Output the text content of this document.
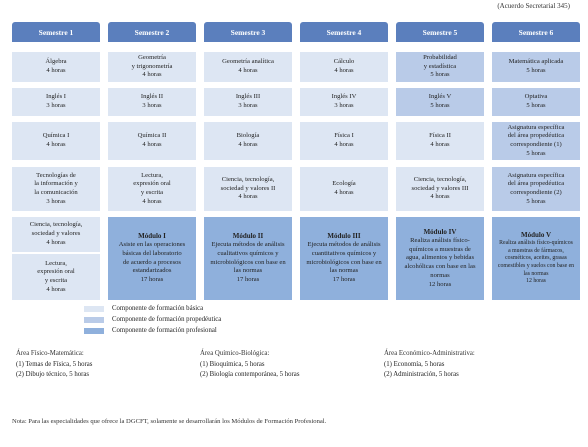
(Acuerdo Secretarial 345)
Semestre 1
Álgebra
4 horas
Inglés I
3 horas
Química I
4 horas
Tecnologías de
la información y
la comunicación
3 horas
Ciencia, tecnología,
sociedad y valores
4 horas
Lectura,
expresión oral
y escrita
4 horas
Semestre 2
Geometría
y trigonometría
4 horas
Inglés II
3 horas
Química II
4 horas
Lectura,
expresión oral
y escrita
4 horas
Módulo I
Asiste en las operaciones
básicas del laboratorio
de acuerdo a procesos
estandarizados
17 horas
Semestre 3
Geometría analítica
4 horas
Inglés III
3 horas
Biología
4 horas
Ciencia, tecnología,
sociedad y valores II
4 horas
Módulo II
Ejecuta métodos de análisis
cualitativos químicos y
microbiológicos con base en
las normas
17 horas
Semestre 4
Cálculo
4 horas
Inglés IV
3 horas
Física I
4 horas
Ecología
4 horas
Módulo III
Ejecuta métodos de análisis
cuantitativos químicos y
microbiológicos con base en
las normas
17 horas
Semestre 5
Probabilidad
y estadística
5 horas
Inglés V
5 horas
Física II
4 horas
Ciencia, tecnología,
sociedad y valores III
4 horas
Módulo IV
Realiza análisis físico-
químicos a muestras de
agua, alimentos y bebidas
alcohólicas con base en las
normas
12 horas
Semestre 6
Matemática aplicada
5 horas
Optativa
5 horas
Asignatura específica
del área propedéutica
correspondiente (1)
5 horas
Asignatura específica
del área propedéutica
correspondiente (2)
5 horas
Módulo V
Realiza análisis físico-químicos
a muestras de fármacos,
cosméticos, aceites, grasas
comestibles y suelos con base en
las normas
12 horas
Componente de formación básica
Componente de formación propedéutica
Componente de formación profesional
Área Físico-Matemática:
(1) Temas de Física, 5 horas
(2) Dibujo técnico, 5 horas
Área Químico-Biológica:
(1) Bioquímica, 5 horas
(2) Biología contemporánea, 5 horas
Área Económico-Administrativa:
(1) Economía, 5 horas
(2) Administración, 5 horas
Nota: Para las especialidades que ofrece la DGCFT, solamente se desarrollarán los Módulos de Formación Profesional.
